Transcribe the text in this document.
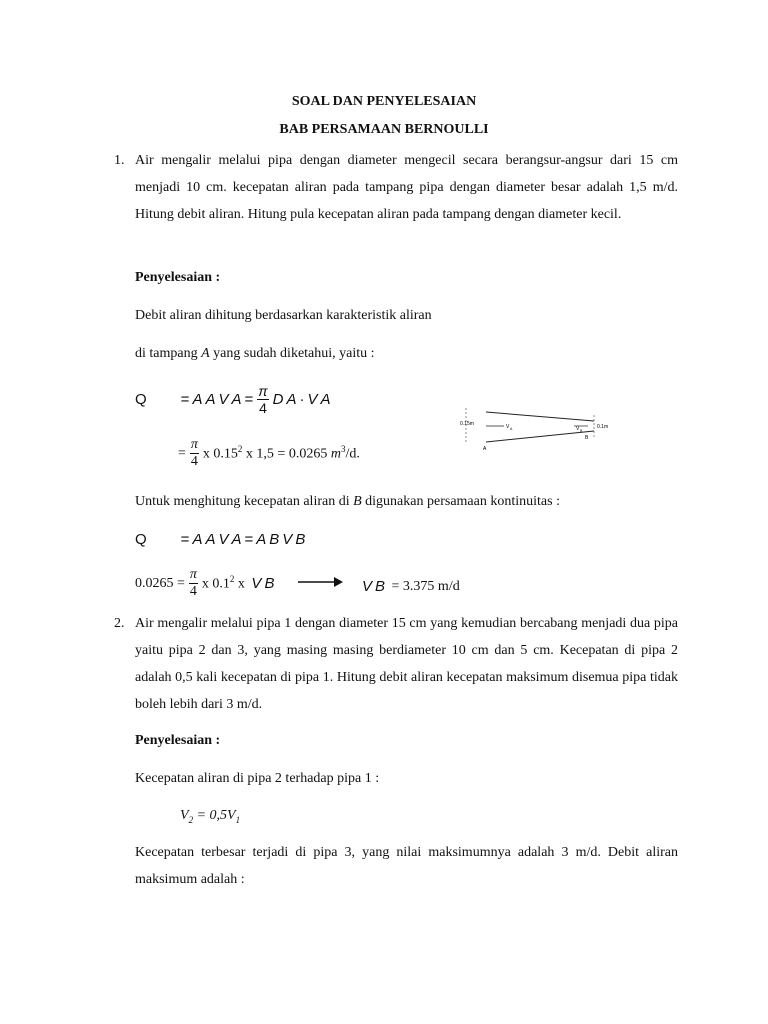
SOAL DAN PENYELESAIAN
BAB PERSAMAAN BERNOULLI
1. Air mengalir melalui pipa dengan diameter mengecil secara berangsur-angsur dari 15 cm menjadi 10 cm. kecepatan aliran pada tampang pipa dengan diameter besar adalah 1,5 m/d. Hitung debit aliran. Hitung pula kecepatan aliran pada tampang dengan diameter kecil.
Penyelesaian :
Debit aliran dihitung berdasarkan karakteristik aliran
di tampang A yang sudah diketahui, yaitu :
Q = A A V $A = \frac{\pi}{4}$ D A · V A
= $\frac{\pi}{4}$ x 0.15$^2$ x 1,5 = 0.0265 $m^3/d$.
0.15m	V A
A
V B
0.1m
B
Untuk menghitung kecepatan aliran di B digunakan persamaan kontinuitas :
Q = A A V A = A B V B
$0.0265 = \frac{\pi}{4}$ x $0.1^2$ x V B	V B = 3.375 m/d
2. Air mengalir melalui pipa 1 dengan diameter 15 cm yang kemudian bercabang menjadi dua pipa yaitu pipa 2 dan 3, yang masing masing berdiameter 10 cm dan 5 cm. Kecepatan di pipa 2 adalah 0,5 kali kecepatan di pipa 1. Hitung debit aliran kecepatan maksimum disemua pipa tidak boleh lebih dari 3 m/d.
Penyelesaian :
Kecepatan aliran di pipa 2 terhadap pipa 1 :
$V_2 = 0,5V_1$
Kecepatan terbesar terjadi di pipa 3, yang nilai maksimumnya adalah 3 m/d. Debit aliran maksimum adalah :
